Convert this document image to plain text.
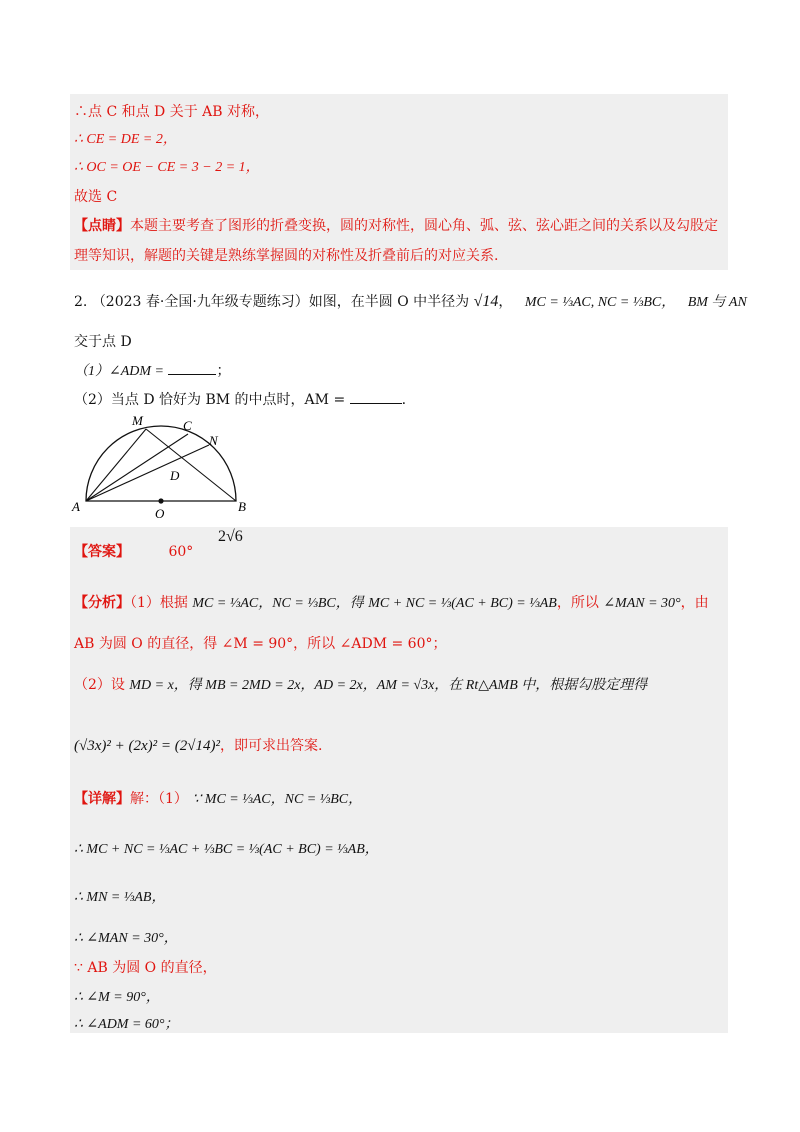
∴点 C 和点 D 关于 AB 对称，
∴ CE = DE = 2，
∴ OC = OE − CE = 3 − 2 = 1，
故选 C
【点睛】本题主要考查了图形的折叠变换，圆的对称性，圆心角、弧、弦、弦心距之间的关系以及勾股定
理等知识，解题的关键是熟练掌握圆的对称性及折叠前后的对应关系.
2. （2023 春·全国·九年级专题练习）如图，在半圆 O 中半径为 √14， MC = ⅓AC, NC = ⅓BC， BM 与 AN
交于点 D
（1）∠ADM =	；
（2）当点 D 恰好为 BM 的中点时，AM =	.
A	O	B
M	C
N
D
【答案】	60°
2√6
【分析】（1）根据 MC = ⅓AC，NC = ⅓BC，得 MC + NC = ⅓(AC + BC) = ⅓AB，所以 ∠MAN = 30°，由
AB 为圆 O 的直径，得 ∠M = 90°，所以 ∠ADM = 60°；
（2）设 MD = x，得 MB = 2MD = 2x，AD = 2x，AM = √3x，在 Rt△AMB 中，根据勾股定理得
(√3x)² + (2x)² = (2√14)²，即可求出答案.
【详解】解：（1） ∵ MC = ⅓AC，NC = ⅓BC，
∴ MC + NC = ⅓AC + ⅓BC = ⅓(AC + BC) = ⅓AB，
∴ MN = ⅓AB，
∴ ∠MAN = 30°，
∵ AB 为圆 O 的直径，
∴ ∠M = 90°，
∴ ∠ADM = 60°；
